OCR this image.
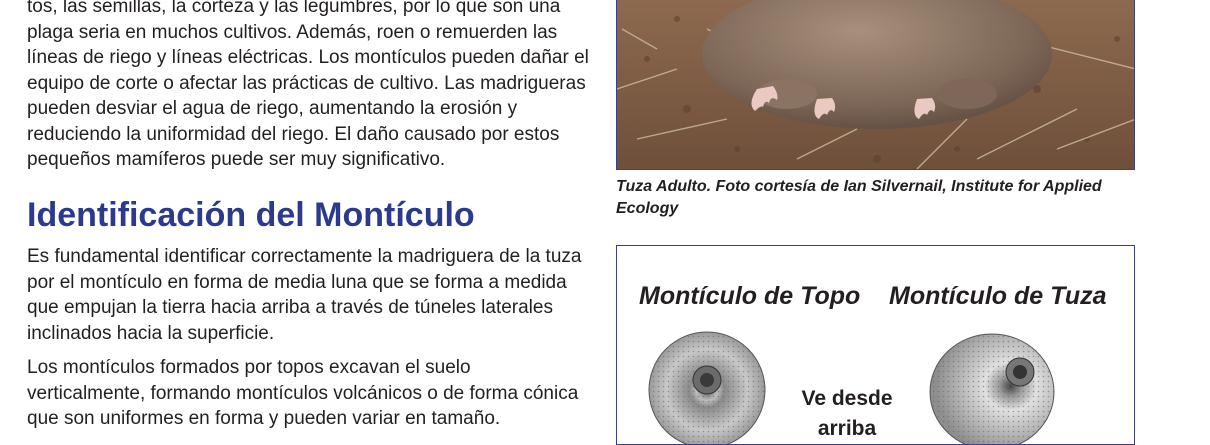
tos, las semillas, la corteza y las legumbres, por lo que son una plaga seria en muchos cultivos. Además, roen o remuerden las líneas de riego y líneas eléctricas. Los montículos pueden dañar el equipo de corte o afectar las prácticas de cultivo. Las madrigueras pueden desviar el agua de riego, aumentando la erosión y reduciendo la uniformidad del riego. El daño causado por estos pequeños mamíferos puede ser muy significativo.

Identificación del Montículo

Es fundamental identificar correctamente la madriguera de la tuza por el montículo en forma de media luna que se forma a medida que empujan la tierra hacia arriba a través de túneles laterales inclinados hacia la superficie.

Los montículos formados por topos excavan el suelo verticalmente, formando montículos volcánicos o de forma cónica que son uniformes en forma y pueden variar en tamaño.

Tuza Adulto. Foto cortesía de Ian Silvernail, Institute for Applied Ecology

Montículo de Topo Montículo de Tuza

Ve desde arriba
